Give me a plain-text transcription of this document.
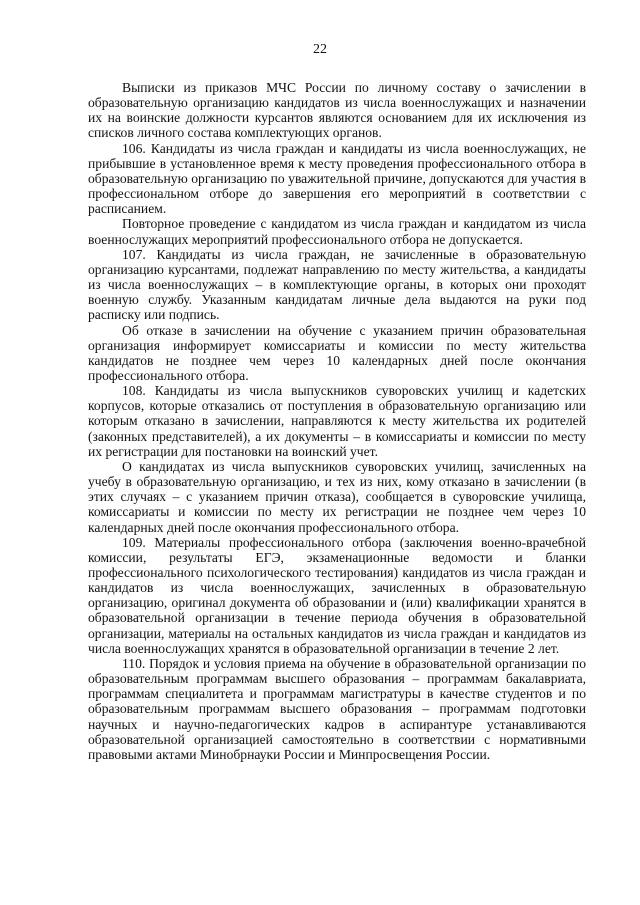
22

Выписки из приказов МЧС России по личному составу о зачислении в образовательную организацию кандидатов из числа военнослужащих и назначении их на воинские должности курсантов являются основанием для их исключения из списков личного состава комплектующих органов.

106. Кандидаты из числа граждан и кандидаты из числа военнослужащих, не прибывшие в установленное время к месту проведения профессионального отбора в образовательную организацию по уважительной причине, допускаются для участия в профессиональном отборе до завершения его мероприятий в соответствии с расписанием.

Повторное проведение с кандидатом из числа граждан и кандидатом из числа военнослужащих мероприятий профессионального отбора не допускается.

107. Кандидаты из числа граждан, не зачисленные в образовательную организацию курсантами, подлежат направлению по месту жительства, а кандидаты из числа военнослужащих – в комплектующие органы, в которых они проходят военную службу. Указанным кандидатам личные дела выдаются на руки под расписку или подпись.

Об отказе в зачислении на обучение с указанием причин образовательная организация информирует комиссариаты и комиссии по месту жительства кандидатов не позднее чем через 10 календарных дней после окончания профессионального отбора.

108. Кандидаты из числа выпускников суворовских училищ и кадетских корпусов, которые отказались от поступления в образовательную организацию или которым отказано в зачислении, направляются к месту жительства их родителей (законных представителей), а их документы – в комиссариаты и комиссии по месту их регистрации для постановки на воинский учет.

О кандидатах из числа выпускников суворовских училищ, зачисленных на учебу в образовательную организацию, и тех из них, кому отказано в зачислении (в этих случаях – с указанием причин отказа), сообщается в суворовские училища, комиссариаты и комиссии по месту их регистрации не позднее чем через 10 календарных дней после окончания профессионального отбора.

109. Материалы профессионального отбора (заключения военно-врачебной комиссии, результаты ЕГЭ, экзаменационные ведомости и бланки профессионального психологического тестирования) кандидатов из числа граждан и кандидатов из числа военнослужащих, зачисленных в образовательную организацию, оригинал документа об образовании и (или) квалификации хранятся в образовательной организации в течение периода обучения в образовательной организации, материалы на остальных кандидатов из числа граждан и кандидатов из числа военнослужащих хранятся в образовательной организации в течение 2 лет.

110. Порядок и условия приема на обучение в образовательной организации по образовательным программам высшего образования – программам бакалавриата, программам специалитета и программам магистратуры в качестве студентов и по образовательным программам высшего образования – программам подготовки научных и научно-педагогических кадров в аспирантуре устанавливаются образовательной организацией самостоятельно в соответствии с нормативными правовыми актами Минобрнауки России и Минпросвещения России.
